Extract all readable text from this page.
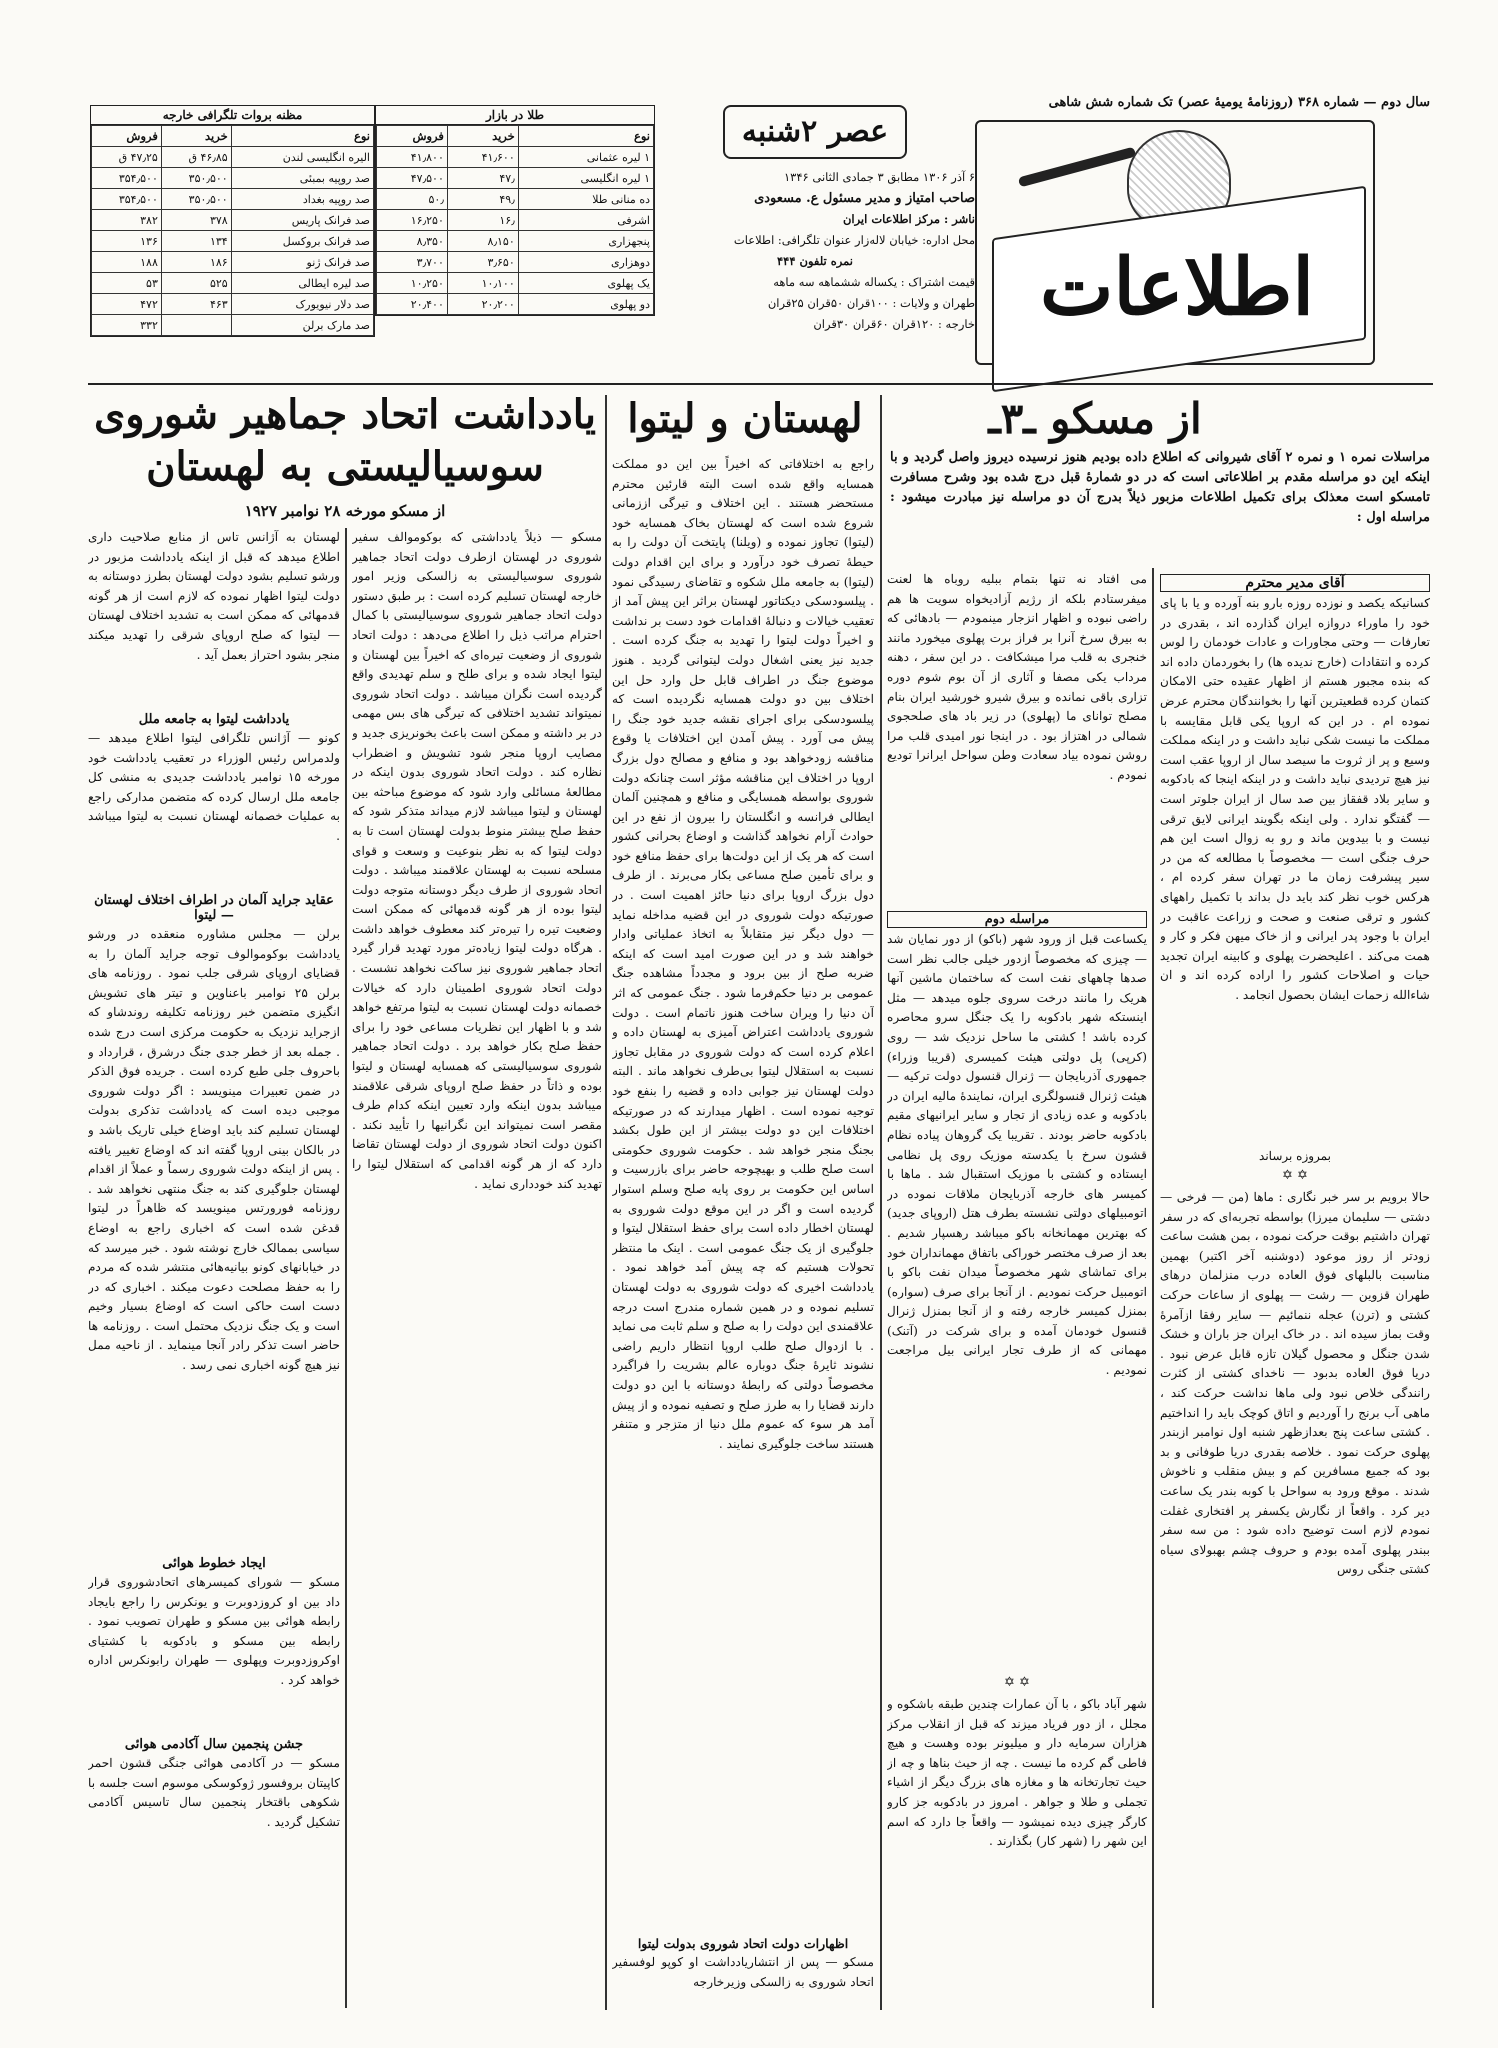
سال دوم — شماره ۳۶۸ (روزنامهٔ یومیهٔ عصر) تک شماره شش شاهی
اطلاعات
عصر ۲شنبه
۶ آذر ۱۳۰۶ مطابق ۳ جمادی الثانی ۱۳۴۶
صاحب امتیاز و مدیر مسئول ع. مسعودی
ناشر : مرکز اطلاعات ایران
محل اداره: خیابان لاله‌زار عنوان تلگرافی: اطلاعات
نمره تلفون ۴۴۴
قیمت اشتراک : یکساله ششماهه سه ماهه
طهران و ولایات : ۱۰۰قران ۵۰قران ۲۵قران
خارجه : ۱۲۰قران ۶۰قران ۳۰قران
طلا در بازار
نوع	خرید	فروش
۱ لیره عثمانی	۴۱٫۶۰۰	۴۱٫۸۰۰
۱ لیره انگلیسی	۴۷٫	۴۷٫۵۰۰
ده منانی طلا	۴۹٫	۵۰٫
اشرفی	۱۶٫	۱۶٫۲۵۰
پنجهزاری	۸٫۱۵۰	۸٫۳۵۰
دوهزاری	۳٫۶۵۰	۳٫۷۰۰
یک پهلوی	۱۰٫۱۰۰	۱۰٫۲۵۰
دو پهلوی	۲۰٫۲۰۰	۲۰٫۴۰۰
مظنه بروات تلگرافی خارجه
نوع	خرید	فروش
الیره انگلیسی لندن	۴۶٫۸۵ ق	۴۷٫۲۵ ق
صد روپیه بمبئی	۳۵۰٫۵۰۰	۳۵۴٫۵۰۰
صد روپیه بغداد	۳۵۰٫۵۰۰	۳۵۴٫۵۰۰
صد فرانک پاریس	۳۷۸	۳۸۲
صد فرانک بروکسل	۱۳۴	۱۳۶
صد فرانک ژنو	۱۸۶	۱۸۸
صد لیره ایطالی	۵۲۵	۵۳
صد دلار نیویورک	۴۶۳	۴۷۲
صد مارک برلن		۳۳۲
از مسکو ـ۳ـ
مراسلات نمره ۱ و نمره ۲ آقای شیروانی که اطلاع داده بودیم هنوز نرسیده دیروز واصل گردید و با اینکه این دو مراسله مقدم بر اطلاعاتی است که در دو شمارهٔ قبل درج شده بود وشرح مسافرت تامسکو است معذلک برای تکمیل اطلاعات مزبور ذیلاً بدرج آن دو مراسله نیز مبادرت میشود : مراسله اول :
آقای مدیر محترم
کسانیکه یکصد و نوزده روزه بارو بنه آورده و یا با پای خود را ماوراء دروازه ایران گذارده اند ، بقدری در تعارفات — وحتی مجاورات و عادات خودمان را لوس کرده و انتقادات (خارج ندیده ها) را بخوردمان داده اند که بنده مجبور هستم از اظهار عقیده حتی الامکان کتمان کرده قطعیترین آنها را بخوانندگان محترم عرض نموده ام . در این که اروپا یکی قابل مقایسه با مملکت ما نیست شکی نباید داشت و در اینکه مملکت وسیع و پر از ثروت ما سیصد سال از اروپا عقب است نیز هیچ تردیدی نباید داشت و در اینکه اینجا که بادکوبه و سایر بلاد قفقاز بین صد سال از ایران جلوتر است — گفتگو ندارد . ولی اینکه بگویند ایرانی لایق ترقی نیست و با بیدوین ماند و رو به زوال است این هم حرف جنگی است — مخصوصاً با مطالعه که من در سیر پیشرفت زمان ما در تهران سفر کرده ام ، هرکس خوب نظر کند باید دل بداند با تکمیل راههای کشور و ترقی صنعت و صحت و زراعت عاقبت در ایران با وجود پدر ایرانی و از خاک میهن فکر و کار و همت می‌کند . اعلیحضرت پهلوی و کابینه ایران تجدید حیات و اصلاحات کشور را اراده کرده اند و ان شاءالله زحمات ایشان بحصول انجامد .
بمروزه برساند
✡ ✡
حالا برویم بر سر خبر نگاری : ماها (من — فرخی — دشتی — سلیمان میرزا) بواسطه تجربه‌ای که در سفر تهران داشتیم بوقت حرکت نموده ، بمن هشت ساعت زودتر از روز موعود (دوشنبه آخر اکتبر) بهمین مناسبت بالبلهای فوق العاده درب منزلمان درهای طهران قزوین — رشت — پهلوی از ساعات حرکت کشتی و (ترن) عجله ننمائیم — سایر رفقا ازآمرهٔ وقت بماز سیده اند . در خاک ایران جز باران و خشک شدن جنگل و محصول گیلان تازه قابل عرض نبود . دریا فوق العاده بدبود — ناخدای کشتی از کثرت رانندگی خلاص نبود ولی ماها نداشت حرکت کند ، ماهی آب برنج را آوردیم و اتاق کوچک باید را انداختیم . کشتی ساعت پنج بعدازظهر شنبه اول نوامبر ازبندر پهلوی حرکت نمود . خلاصه بقدری دریا طوفانی و بد بود که جمیع مسافرین کم و بیش منقلب و ناخوش شدند . موقع ورود به سواحل با کوبه بندر یک ساعت دیر کرد . واقعاً از نگارش یکسفر پر افتخاری غفلت نمودم لازم است توضیح داده شود : من سه سفر ببندر پهلوی آمده بودم و حروف چشم بهبولای سیاه کشتی جنگی روس
می افتاد نه تنها بتمام ببلیه روباه ها لعنت میفرستادم بلکه از رژیم آزادیخواه سویت ها هم راضی نبوده و اظهار انزجار مینمودم — بادهائی که به بیرق سرخ آنرا بر فراز برت پهلوی میخورد مانند خنجری به قلب مرا میشکافت . در این سفر ، دهنه مرداب یکی مصفا و آثاری از آن بوم شوم دوره تزاری باقی نمانده و بیرق شیرو خورشید ایران بنام مصلح توانای ما (پهلوی) در زیر باد های صلحجوی شمالی در اهتزاز بود . در اینجا نور امیدی قلب مرا روشن نموده بیاد سعادت وطن سواحل ایرانرا تودیع نمودم .
مراسله دوم
یکساعت قبل از ورود شهر (باکو) از دور نمایان شد — چیزی که مخصوصاً ازدور خیلی جالب نظر است صدها چاههای نفت است که ساختمان ماشین آنها هریک را مانند درخت سروی جلوه میدهد — مثل اینستکه شهر بادکوبه را یک جنگل سرو محاصره کرده باشد ! کشتی ما ساحل نزدیک شد — روی (کرپی) پل دولتی هیئت کمیسری (قریبا وزراء) جمهوری آذربایجان — ژنرال قنسول دولت ترکیه — هیئت ژنرال قنسولگری ایران، نمایندهٔ مالیه ایران در بادکوبه و عده زیادی از تجار و سایر ایرانیهای مقیم بادکوبه حاضر بودند . تقریبا یک گروهان پیاده نظام قشون سرخ با یکدسته موزیک روی پل نظامی ایستاده و کشتی با موزیک استقبال شد . ماها با کمیسر های خارجه آذربایجان ملاقات نموده در اتومبیلهای دولتی نشسته بطرف هتل (اروپای جدید) که بهترین مهمانخانه باکو میباشد رهسپار شدیم . بعد از صرف مختصر خوراکی باتفاق مهمانداران خود برای تماشای شهر مخصوصاً میدان نفت باکو با اتومبیل حرکت نمودیم . از آنجا برای صرف (سواره) بمنزل کمیسر خارجه رفته و از آنجا بمنزل ژنرال قنسول خودمان آمده و برای شرکت در (آتنک) مهمانی که از طرف تجار ایرانی بیل مراجعت نمودیم .
✡ ✡
شهر آباد باکو ، با آن عمارات چندین طبقه باشکوه و مجلل ، از دور فریاد میزند که قبل از انقلاب مرکز هزاران سرمایه دار و میلیونر بوده وهست و هیچ فاطی گم کرده ما نیست . چه از حیث بناها و چه از حیث تجارتخانه ها و مغازه های بزرگ دیگر از اشیاء تجملی و طلا و جواهر . امروز در بادکوبه جز کارو کارگر چیزی دیده نمیشود — واقعاً جا دارد که اسم این شهر را (شهر کار) بگذارند .
لهستان و لیتوا
راجع به اختلافاتی که اخیراً بین این دو مملکت همسایه واقع شده است البته قارئین محترم مستحضر هستند . این اختلاف و تیرگی اززمانی شروع شده است که لهستان بخاک همسایه خود (لیتوا) تجاوز نموده و (ویلنا) پایتخت آن دولت را به حیطهٔ تصرف خود درآورد و برای این اقدام دولت (لیتوا) به جامعه ملل شکوه و تقاضای رسیدگی نمود . پیلسودسکی دیکتاتور لهستان براثر این پیش آمد از تعقیب خیالات و دنبالهٔ اقدامات خود دست بر نداشت و اخیراً دولت لیتوا را تهدید به جنگ کرده است . جدید نیز یعنی اشغال دولت لیتوانی گردید . هنوز موضوع جنگ در اطراف قابل حل وارد حل این اختلاف بین دو دولت همسایه نگردیده است که پیلسودسکی برای اجرای نقشه جدید خود جنگ را پیش می آورد . پیش آمدن این اختلافات یا وقوع مناقشه زودخواهد بود و منافع و مصالح دول بزرگ اروپا در اختلاف این مناقشه مؤثر است چنانکه دولت شوروی بواسطه همسایگی و منافع و همچنین آلمان ایطالی فرانسه و انگلستان را بیرون از نفع در این حوادث آرام نخواهد گذاشت و اوضاع بحرانی کشور است که هر یک از این دولت‌ها برای حفظ منافع خود و برای تأمین صلح مساعی بکار می‌برند . از طرف دول بزرگ اروپا برای دنیا حائز اهمیت است . در صورتیکه دولت شوروی در این قضیه مداخله نماید — دول دیگر نیز متقابلاً به اتخاذ عملیاتی وادار خواهند شد و در این صورت امید است که اینکه ضربه صلح از بین برود و مجدداً مشاهده جنگ عمومی بر دنیا حکم‌فرما شود . جنگ عمومی که اثر آن دنیا را ویران ساخت هنوز ناتمام است . دولت شوروی یادداشت اعتراض آمیزی به لهستان داده و اعلام کرده است که دولت شوروی در مقابل تجاوز نسبت به استقلال لیتوا بی‌طرف نخواهد ماند . البته دولت لهستان نیز جوابی داده و قضیه را بنفع خود توجیه نموده است . اظهار میدارند که در صورتیکه اختلافات این دو دولت بیشتر از این طول بکشد بجنگ منجر خواهد شد . حکومت شوروی حکومتی است صلح طلب و بهیچوجه حاضر برای بازرسیت و اساس این حکومت بر روی پایه صلح وسلم استوار گردیده است و اگر در این موقع دولت شوروی به لهستان اخطار داده است برای حفظ استقلال لیتوا و جلوگیری از یک جنگ عمومی است . اینک ما منتظر تحولات هستیم که چه پیش آمد خواهد نمود . یادداشت اخیری که دولت شوروی به دولت لهستان تسلیم نموده و در همین شماره مندرج است درجه علاقمندی این دولت را به صلح و سلم ثابت می نماید . با ازدوال صلح طلب اروپا انتظار داریم راضی نشوند ثایرهٔ جنگ دوباره عالم بشریت را فراگیرد مخصوصاً دولتی که رابطهٔ دوستانه با این دو دولت دارند قضایا را به طرز صلح و تصفیه نموده و از پیش آمد هر سوء که عموم ملل دنیا از متزجر و متنفر هستند ساخت جلوگیری نمایند .
اظهارات دولت اتحاد شوروی بدولت لیتوا
مسکو — پس از انتشاریادداشت او کوپو لوفسفیر اتحاد شوروی به زالسکی وزیرخارجه
یادداشت اتحاد جماهیر شوروی
سوسیالیستی به لهستان
از مسکو مورخه ۲۸ نوامبر ۱۹۲۷
مسکو — ذیلاً یادداشتی که بوکوموالف سفیر شوروی در لهستان ازطرف دولت اتحاد جماهیر شوروی سوسیالیستی به زالسکی وزیر امور خارجه لهستان تسلیم کرده است : بر طبق دستور دولت اتحاد جماهیر شوروی سوسیالیستی با کمال احترام مراتب ذیل را اطلاع می‌دهد : دولت اتحاد شوروی از وضعیت تیره‌ای که اخیراً بین لهستان و لیتوا ایجاد شده و برای طلح و سلم تهدیدی واقع گردیده است نگران میباشد . دولت اتحاد شوروی نمیتواند تشدید اختلافی که تیرگی های بس مهمی در بر داشته و ممکن است باعث بخونریزی جدید و مصایب اروپا منجر شود تشویش و اضطراب نظاره کند . دولت اتحاد شوروی بدون اینکه در مطالعهٔ مسائلی وارد شود که موضوع مباحثه بین لهستان و لیتوا میباشد لازم میداند متذکر شود که حفظ صلح بیشتر منوط بدولت لهستان است تا به دولت لیتوا که به نظر بنوعیت و وسعت و قوای مسلحه نسبت به لهستان علاقمند میباشد . دولت اتحاد شوروی از طرف دیگر دوستانه متوجه دولت لیتوا بوده از هر گونه قدمهائی که ممکن است وضعیت تیره را تیره‌تر کند معطوف خواهد داشت . هرگاه دولت لیتوا زیاده‌تر مورد تهدید قرار گیرد اتحاد جماهیر شوروی نیز ساکت نخواهد نشست . دولت اتحاد شوروی اطمینان دارد که خیالات خصمانه دولت لهستان نسبت به لیتوا مرتفع خواهد شد و با اظهار این نظریات مساعی خود را برای حفظ صلح بکار خواهد برد . دولت اتحاد جماهیر شوروی سوسیالیستی که همسایه لهستان و لیتوا بوده و ذاتاً در حفظ صلح اروپای شرقی علاقمند میباشد بدون اینکه وارد تعیین اینکه کدام طرف مقصر است نمیتواند این نگرانیها را تأیید نکند . اکنون دولت اتحاد شوروی از دولت لهستان تقاضا دارد که از هر گونه اقدامی که استقلال لیتوا را تهدید کند خودداری نماید .
لهستان به آژانس تاس از منابع صلاحیت داری اطلاع میدهد که قبل از اینکه یادداشت مزبور در ورشو تسلیم بشود دولت لهستان بطرز دوستانه به دولت لیتوا اظهار نموده که لازم است از هر گونه قدمهائی که ممکن است به تشدید اختلاف لهستان — لیتوا که صلح اروپای شرقی را تهدید میکند منجر بشود احتراز بعمل آید .
یادداشت لیتوا به جامعه ملل
کونو — آژانس تلگرافی لیتوا اطلاع میدهد — ولدمراس رئیس الوزراء در تعقیب یادداشت خود مورخه ۱۵ نوامبر یادداشت جدیدی به منشی کل جامعه ملل ارسال کرده که متضمن مدارکی راجع به عملیات خصمانه لهستان نسبت به لیتوا میباشد .
عقاید جراید آلمان در اطراف اختلاف لهستان — لیتوا
برلن — مجلس مشاوره منعقده در ورشو یادداشت بوکوموالوف توجه جراید آلمان را به قضایای اروپای شرقی جلب نمود . روزنامه های برلن ۲۵ نوامبر باعناوین و تیتر های تشویش انگیزی متضمن خبر روزنامه تکلیفه روندشاو که ازجراید نزدیک به حکومت مرکزی است درج شده . جمله بعد از خطر جدی جنگ درشرق ، قرارداد و باحروف جلی طبع کرده است . جریده فوق الذکر در ضمن تعبیرات مینویسد : اگر دولت شوروی موجبی دیده است که یادداشت تذکری بدولت لهستان تسلیم کند باید اوضاع خیلی تاریک باشد و در بالکان بینی اروپا گفته اند که اوضاع تغییر یافته . پس از اینکه دولت شوروی رسماً و عملاً از اقدام لهستان جلوگیری کند به جنگ منتهی نخواهد شد . روزنامه فورورتس مینویسد که ظاهراً در لیتوا قدغن شده است که اخباری راجع به اوضاع سیاسی بممالک خارج نوشته شود . خبر میرسد که در خیابانهای کونو بیانیه‌هائی منتشر شده که مردم را به حفظ مصلحت دعوت میکند . اخباری که در دست است حاکی است که اوضاع بسیار وخیم است و یک جنگ نزدیک محتمل است . روزنامه ها حاضر است تذکر رادر آنجا مینماید . از ناحیه ممل نیز هیچ گونه اخباری نمی رسد .
ایجاد خطوط هوائی
مسکو — شورای کمیسرهای اتحادشوروی قرار داد بین او کروزدوبرت و یونکرس را راجع بایجاد رابطه هوائی بین مسکو و طهران تصویب نمود . رابطه بین مسکو و بادکوبه با کشتیای اوکروزدوبرت وپهلوی — طهران رابونکرس اداره خواهد کرد .
جشن پنجمین سال آکادمی هوائی
مسکو — در آکادمی هوائی جنگی قشون احمر کاپیتان بروفسور ژوکوسکی موسوم است جلسه با شکوهی باقتخار پنجمین سال تاسیس آکادمی تشکیل گردید .
